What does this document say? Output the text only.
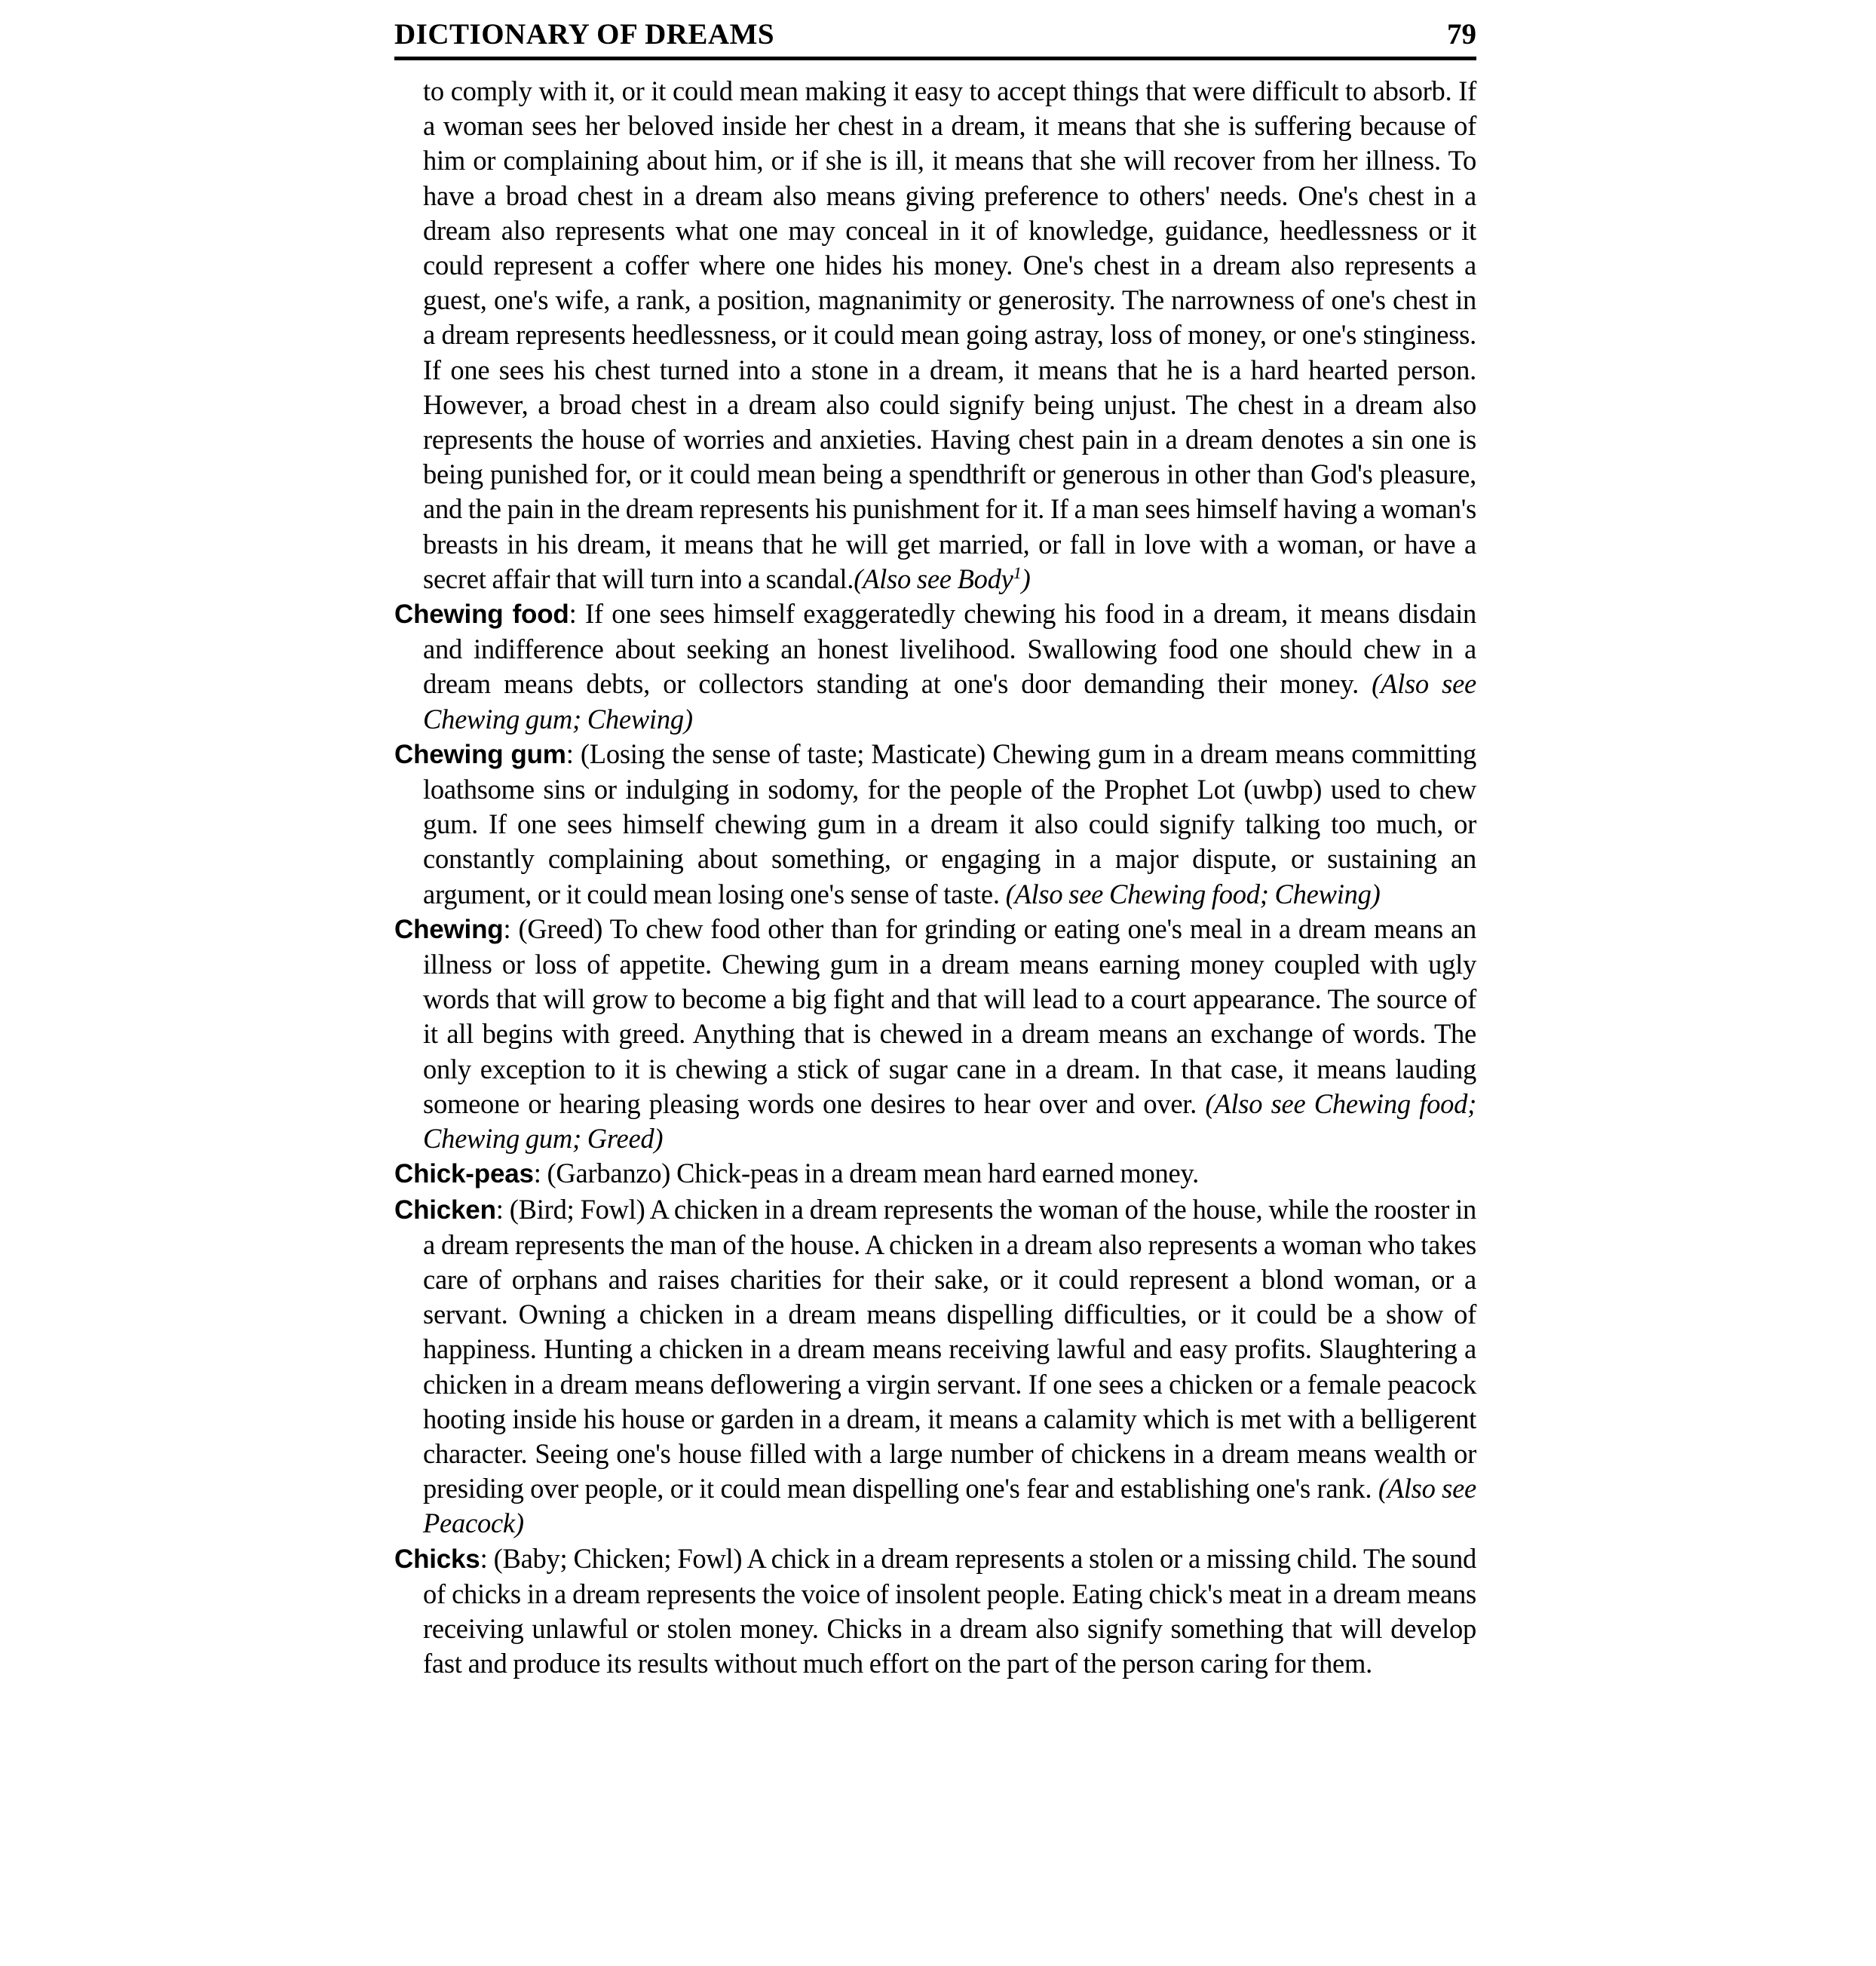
DICTIONARY OF DREAMS	79

to comply with it, or it could mean making it easy to accept things that were difficult to absorb. If a woman sees her beloved inside her chest in a dream, it means that she is suffering because of him or complaining about him, or if she is ill, it means that she will recover from her illness. To have a broad chest in a dream also means giving preference to others' needs. One's chest in a dream also represents what one may conceal in it of knowledge, guidance, heedlessness or it could represent a coffer where one hides his money. One's chest in a dream also represents a guest, one's wife, a rank, a position, magnanimity or generosity. The narrowness of one's chest in a dream represents heedlessness, or it could mean going astray, loss of money, or one's stinginess. If one sees his chest turned into a stone in a dream, it means that he is a hard hearted person. However, a broad chest in a dream also could signify being unjust. The chest in a dream also represents the house of worries and anxieties. Having chest pain in a dream denotes a sin one is being punished for, or it could mean being a spendthrift or generous in other than God's pleasure, and the pain in the dream represents his punishment for it. If a man sees himself having a woman's breasts in his dream, it means that he will get married, or fall in love with a woman, or have a secret affair that will turn into a scandal.(Also see Body$^1$)

Chewing food: If one sees himself exaggeratedly chewing his food in a dream, it means disdain and indifference about seeking an honest livelihood. Swallowing food one should chew in a dream means debts, or collectors standing at one's door demanding their money. (Also see Chewing gum; Chewing)

Chewing gum: (Losing the sense of taste; Masticate) Chewing gum in a dream means committing loathsome sins or indulging in sodomy, for the people of the Prophet Lot (uwbp) used to chew gum. If one sees himself chewing gum in a dream it also could signify talking too much, or constantly complaining about something, or engaging in a major dispute, or sustaining an argument, or it could mean losing one's sense of taste. (Also see Chewing food; Chewing)

Chewing: (Greed) To chew food other than for grinding or eating one's meal in a dream means an illness or loss of appetite. Chewing gum in a dream means earning money coupled with ugly words that will grow to become a big fight and that will lead to a court appearance. The source of it all begins with greed. Anything that is chewed in a dream means an exchange of words. The only exception to it is chewing a stick of sugar cane in a dream. In that case, it means lauding someone or hearing pleasing words one desires to hear over and over. (Also see Chewing food; Chewing gum; Greed)

Chick-peas: (Garbanzo) Chick-peas in a dream mean hard earned money.

Chicken: (Bird; Fowl) A chicken in a dream represents the woman of the house, while the rooster in a dream represents the man of the house. A chicken in a dream also represents a woman who takes care of orphans and raises charities for their sake, or it could represent a blond woman, or a servant. Owning a chicken in a dream means dispelling difficulties, or it could be a show of happiness. Hunting a chicken in a dream means receiving lawful and easy profits. Slaughtering a chicken in a dream means deflowering a virgin servant. If one sees a chicken or a female peacock hooting inside his house or garden in a dream, it means a calamity which is met with a belligerent character. Seeing one's house filled with a large number of chickens in a dream means wealth or presiding over people, or it could mean dispelling one's fear and establishing one's rank. (Also see Peacock)

Chicks: (Baby; Chicken; Fowl) A chick in a dream represents a stolen or a missing child. The sound of chicks in a dream represents the voice of insolent people. Eating chick's meat in a dream means receiving unlawful or stolen money. Chicks in a dream also signify something that will develop fast and produce its results without much effort on the part of the person caring for them.
